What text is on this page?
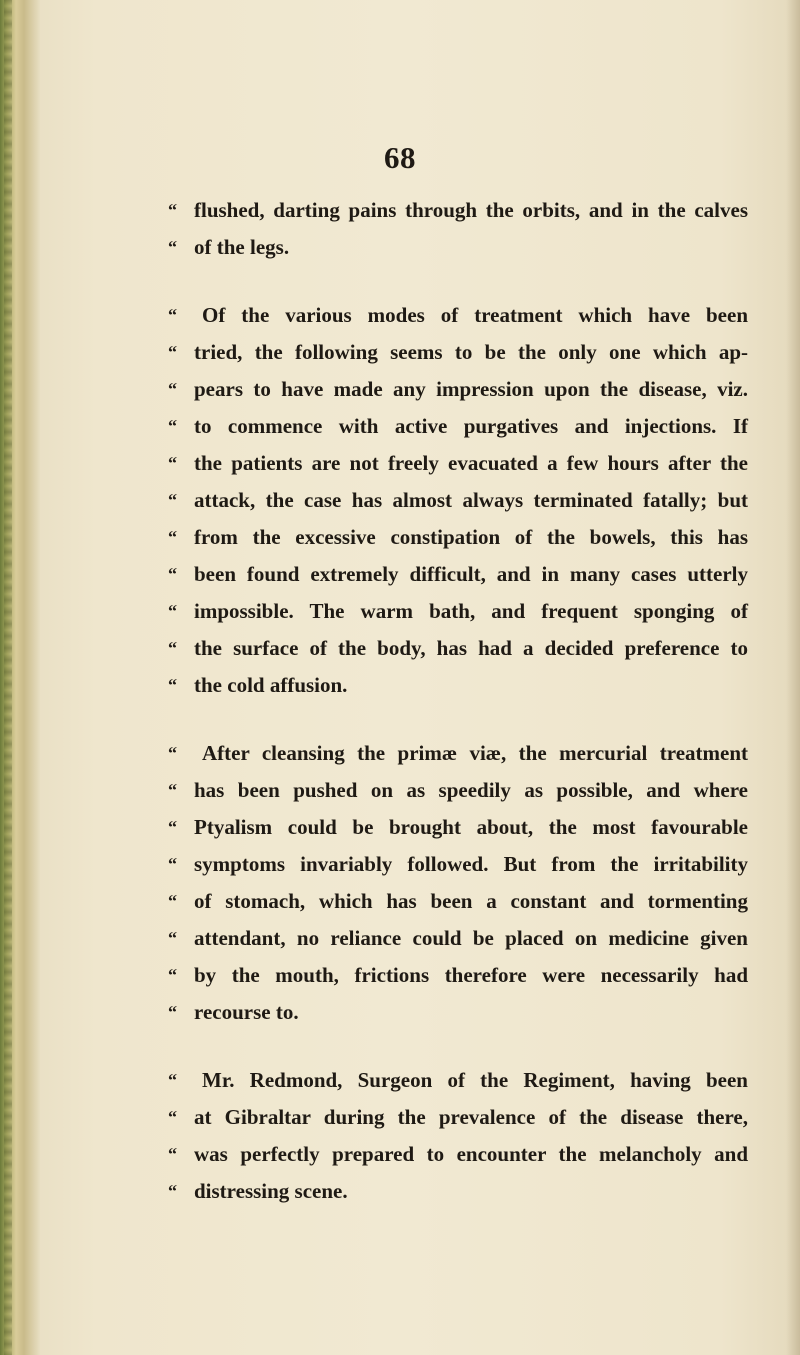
68
“ flushed, darting pains through the orbits, and in the calves
“ of the legs.
“	Of the various modes of treatment which have been
“ tried, the following seems to be the only one which ap-
“ pears to have made any impression upon the disease, viz.
“ to commence with active purgatives and injections. If
“ the patients are not freely evacuated a few hours after the
“ attack, the case has almost always terminated fatally; but
“ from the excessive constipation of the bowels, this has
“ been found extremely difficult, and in many cases utterly
“ impossible. The warm bath, and frequent sponging of
“ the surface of the body, has had a decided preference to
“ the cold affusion.
“	After cleansing the primæ viæ, the mercurial treatment
“ has been pushed on as speedily as possible, and where
“ Ptyalism could be brought about, the most favourable
“ symptoms invariably followed. But from the irritability
“ of stomach, which has been a constant and tormenting
“ attendant, no reliance could be placed on medicine given
“ by the mouth, frictions therefore were necessarily had
“ recourse to.
“	Mr. Redmond, Surgeon of the Regiment, having been
“ at Gibraltar during the prevalence of the disease there,
“ was perfectly prepared to encounter the melancholy and
“ distressing scene.
